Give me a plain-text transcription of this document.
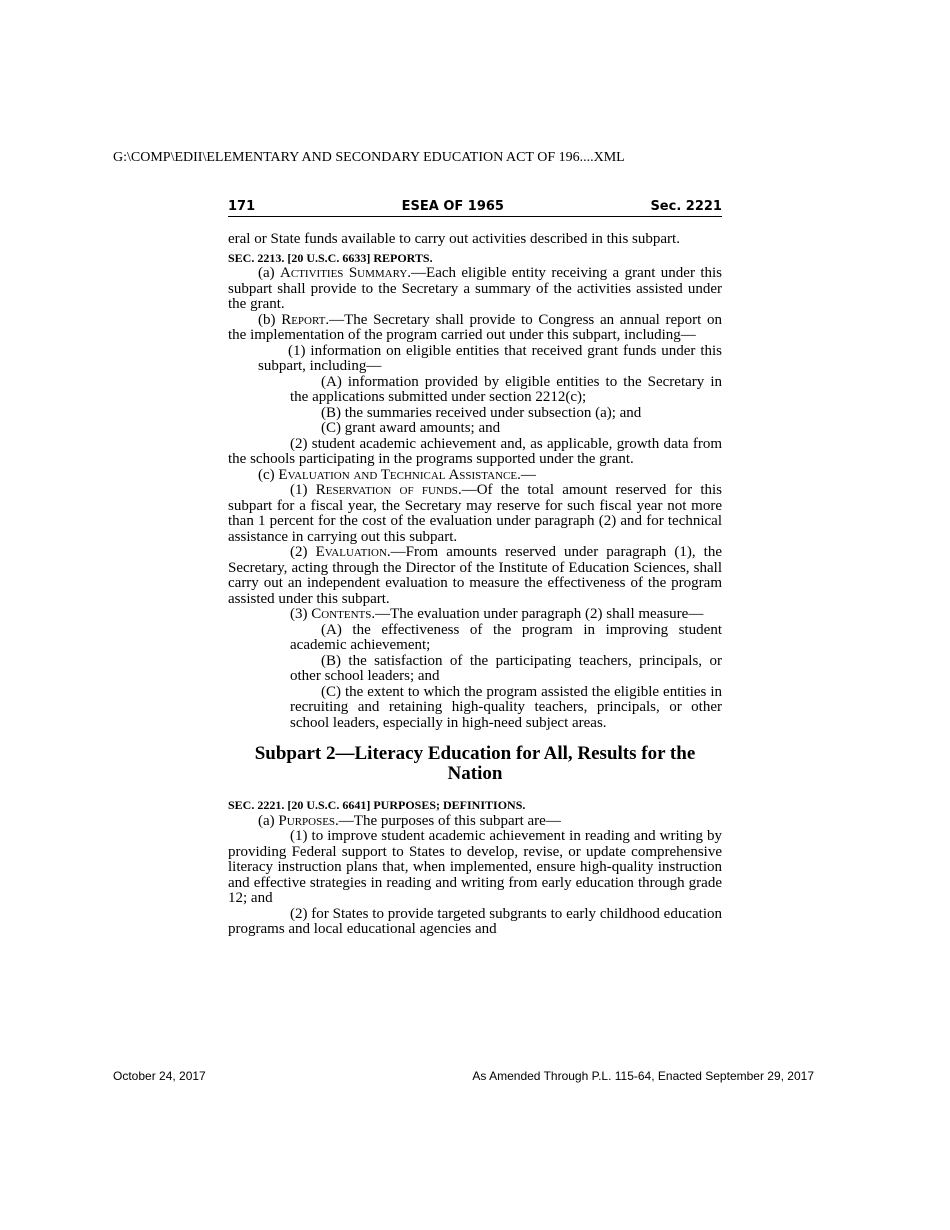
G:\COMP\EDII\ELEMENTARY AND SECONDARY EDUCATION ACT OF 196....XML
171	ESEA OF 1965	Sec. 2221

eral or State funds available to carry out activities described in this subpart.

SEC. 2213. [20 U.S.C. 6633] REPORTS.

(a) Activities Summary.—Each eligible entity receiving a grant under this subpart shall provide to the Secretary a summary of the activities assisted under the grant.

(b) Report.—The Secretary shall provide to Congress an annual report on the implementation of the program carried out under this subpart, including—

(1) information on eligible entities that received grant funds under this subpart, including—

(A) information provided by eligible entities to the Secretary in the applications submitted under section 2212(c);

(B) the summaries received under subsection (a); and

(C) grant award amounts; and

(2) student academic achievement and, as applicable, growth data from the schools participating in the programs supported under the grant.

(c) Evaluation and Technical Assistance.—

(1) Reservation of funds.—Of the total amount reserved for this subpart for a fiscal year, the Secretary may reserve for such fiscal year not more than 1 percent for the cost of the evaluation under paragraph (2) and for technical assistance in carrying out this subpart.

(2) Evaluation.—From amounts reserved under paragraph (1), the Secretary, acting through the Director of the Institute of Education Sciences, shall carry out an independent evaluation to measure the effectiveness of the program assisted under this subpart.

(3) Contents.—The evaluation under paragraph (2) shall measure—

(A) the effectiveness of the program in improving student academic achievement;

(B) the satisfaction of the participating teachers, principals, or other school leaders; and

(C) the extent to which the program assisted the eligible entities in recruiting and retaining high-quality teachers, principals, or other school leaders, especially in high-need subject areas.

Subpart 2—Literacy Education for All, Results for the Nation

SEC. 2221. [20 U.S.C. 6641] PURPOSES; DEFINITIONS.

(a) Purposes.—The purposes of this subpart are—

(1) to improve student academic achievement in reading and writing by providing Federal support to States to develop, revise, or update comprehensive literacy instruction plans that, when implemented, ensure high-quality instruction and effective strategies in reading and writing from early education through grade 12; and

(2) for States to provide targeted subgrants to early childhood education programs and local educational agencies and

October 24, 2017	As Amended Through P.L. 115-64, Enacted September 29, 2017
